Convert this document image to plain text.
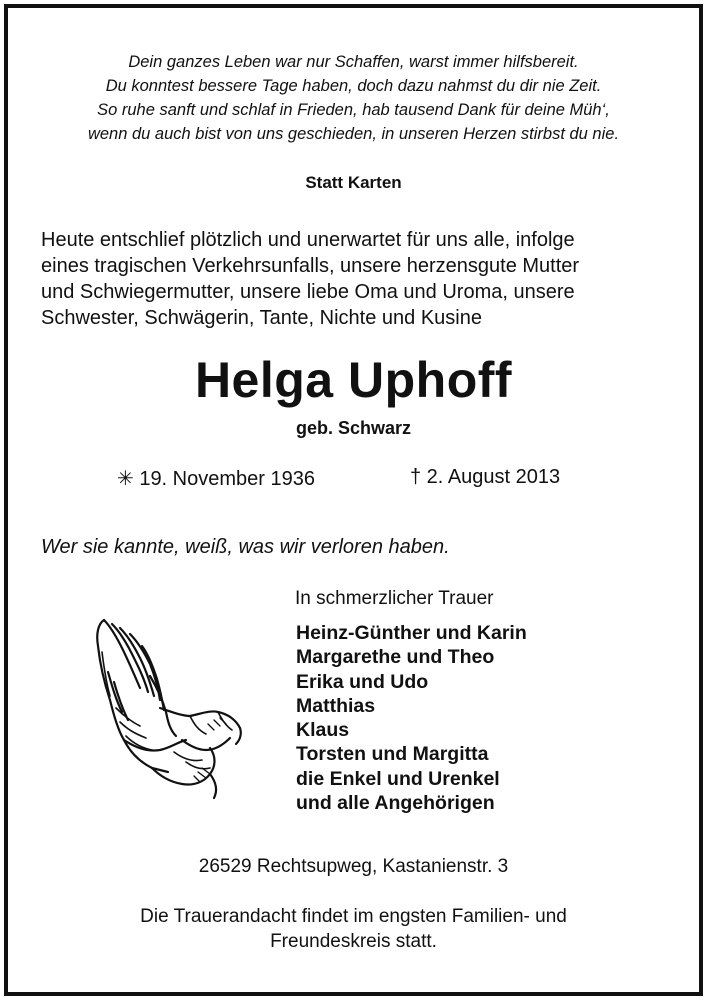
Dein ganzes Leben war nur Schaffen, warst immer hilfsbereit.
Du konntest bessere Tage haben, doch dazu nahmst du dir nie Zeit.
So ruhe sanft und schlaf in Frieden, hab tausend Dank für deine Müh‘,
wenn du auch bist von uns geschieden, in unseren Herzen stirbst du nie.
Statt Karten
Heute entschlief plötzlich und unerwartet für uns alle, infolge
eines tragischen Verkehrsunfalls, unsere herzensgute Mutter
und Schwiegermutter, unsere liebe Oma und Uroma, unsere
Schwester, Schwägerin, Tante, Nichte und Kusine
Helga Uphoff
geb. Schwarz
✳ 19. November 1936	† 2. August 2013
Wer sie kannte, weiß, was wir verloren haben.
In schmerzlicher Trauer
Heinz-Günther und Karin
Margarethe und Theo
Erika und Udo
Matthias
Klaus
Torsten und Margitta
die Enkel und Urenkel
und alle Angehörigen
26529 Rechtsupweg, Kastanienstr. 3
Die Trauerandacht findet im engsten Familien- und
Freundeskreis statt.
